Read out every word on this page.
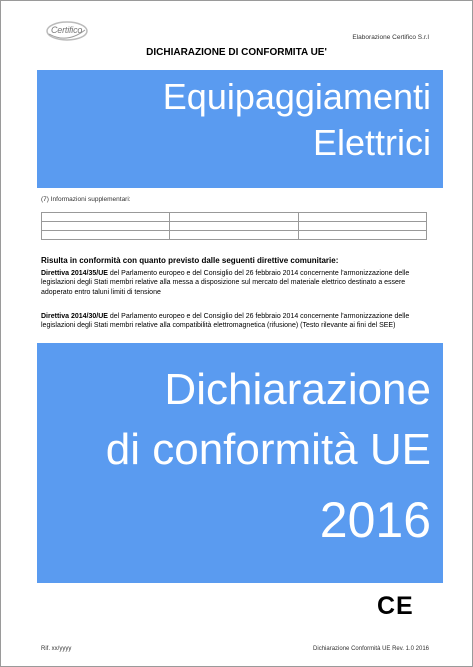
Certifico
Elaborazione Certifico S.r.l
DICHIARAZIONE DI CONFORMITA UE'
Equipaggiamenti
Elettrici
(7) Informazioni supplementari:

Risulta in conformità con quanto previsto dalle seguenti direttive comunitarie:
Direttiva 2014/35/UE del Parlamento europeo e del Consiglio del 26 febbraio 2014 concernente l'armonizzazione delle legislazioni degli Stati membri relative alla messa a disposizione sul mercato del materiale elettrico destinato a essere adoperato entro taluni limiti di tensione
Direttiva 2014/30/UE del Parlamento europeo e del Consiglio del 26 febbraio 2014 concernente l'armonizzazione delle legislazioni degli Stati membri relative alla compatibilità elettromagnetica (rifusione) (Testo rilevante ai fini del SEE)
Dichiarazione
di conformità UE
2016
CE
Rif. xx/yyyy	Dichiarazione Conformità UE Rev. 1.0 2016
